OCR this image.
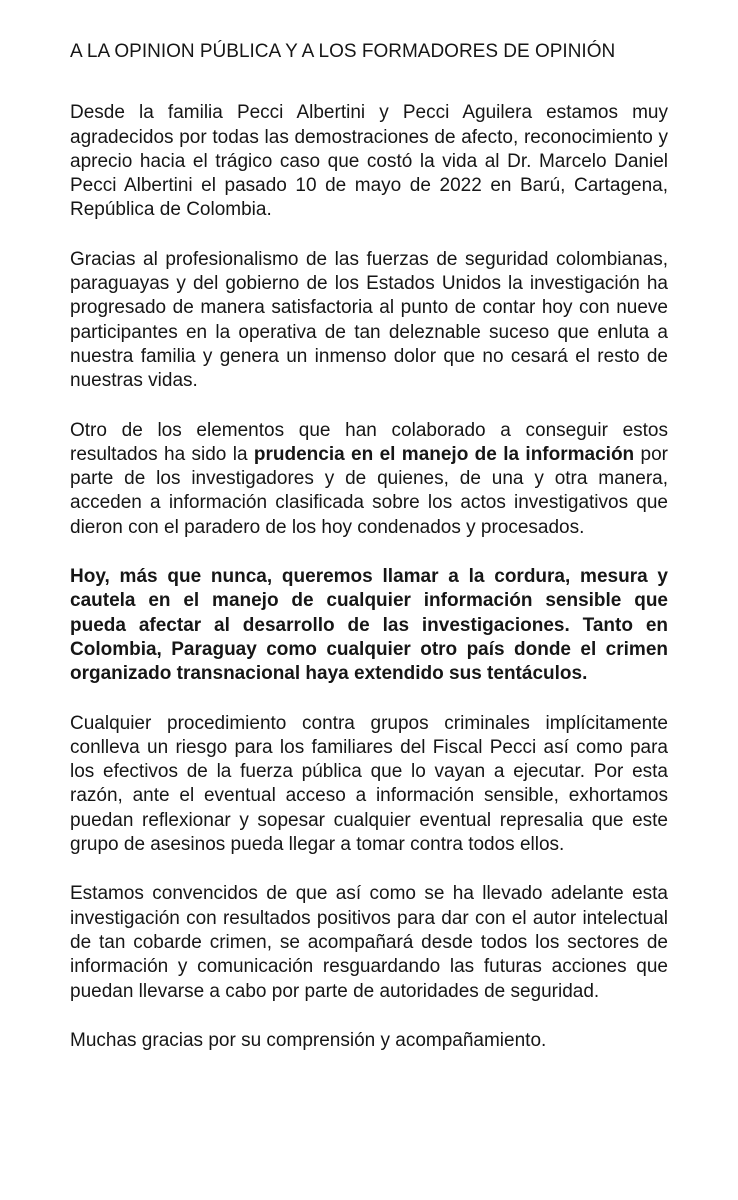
A LA OPINION PÚBLICA Y A LOS FORMADORES DE OPINIÓN

Desde la familia Pecci Albertini y Pecci Aguilera estamos muy agradecidos por todas las demostraciones de afecto, reconocimiento y aprecio hacia el trágico caso que costó la vida al Dr. Marcelo Daniel Pecci Albertini el pasado 10 de mayo de 2022 en Barú, Cartagena, República de Colombia.

Gracias al profesionalismo de las fuerzas de seguridad colombianas, paraguayas y del gobierno de los Estados Unidos la investigación ha progresado de manera satisfactoria al punto de contar hoy con nueve participantes en la operativa de tan deleznable suceso que enluta a nuestra familia y genera un inmenso dolor que no cesará el resto de nuestras vidas.

Otro de los elementos que han colaborado a conseguir estos resultados ha sido la prudencia en el manejo de la información por parte de los investigadores y de quienes, de una y otra manera, acceden a información clasificada sobre los actos investigativos que dieron con el paradero de los hoy condenados y procesados.

Hoy, más que nunca, queremos llamar a la cordura, mesura y cautela en el manejo de cualquier información sensible que pueda afectar al desarrollo de las investigaciones. Tanto en Colombia, Paraguay como cualquier otro país donde el crimen organizado transnacional haya extendido sus tentáculos.

Cualquier procedimiento contra grupos criminales implícitamente conlleva un riesgo para los familiares del Fiscal Pecci así como para los efectivos de la fuerza pública que lo vayan a ejecutar. Por esta razón, ante el eventual acceso a información sensible, exhortamos puedan reflexionar y sopesar cualquier eventual represalia que este grupo de asesinos pueda llegar a tomar contra todos ellos.

Estamos convencidos de que así como se ha llevado adelante esta investigación con resultados positivos para dar con el autor intelectual de tan cobarde crimen, se acompañará desde todos los sectores de información y comunicación resguardando las futuras acciones que puedan llevarse a cabo por parte de autoridades de seguridad.

Muchas gracias por su comprensión y acompañamiento.
